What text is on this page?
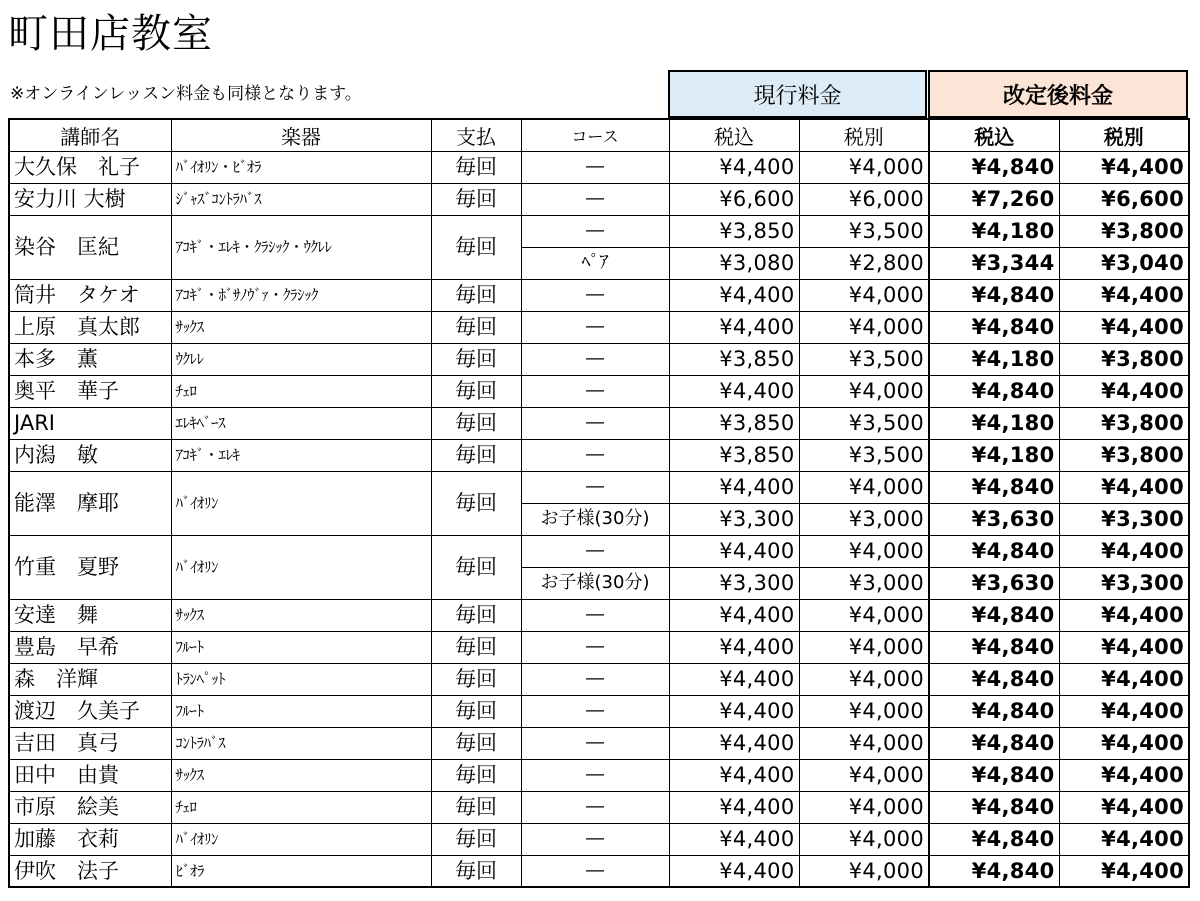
町田店教室
※オンラインレッスン料金も同様となります。	現行料金	改定後料金
講師名	楽器	支払	コース	税込	税別	税込	税別
大久保　礼子	ﾊﾞｲｵﾘﾝ・ﾋﾞｵﾗ	毎回	―	¥4,400	¥4,000	¥4,840	¥4,400
安力川 大樹	ｼﾞｬｽﾞｺﾝﾄﾗﾊﾞｽ	毎回	―	¥6,600	¥6,000	¥7,260	¥6,600
染谷　匡紀	ｱｺｷﾞ・ｴﾚｷ・ｸﾗｼｯｸ・ｳｸﾚﾚ	毎回	―	¥3,850	¥3,500	¥4,180	¥3,800
			ﾍﾟｱ	¥3,080	¥2,800	¥3,344	¥3,040
筒井　タケオ	ｱｺｷﾞ・ﾎﾞｻﾉｳﾞｧ・ｸﾗｼｯｸ	毎回	―	¥4,400	¥4,000	¥4,840	¥4,400
上原　真太郎	ｻｯｸｽ	毎回	―	¥4,400	¥4,000	¥4,840	¥4,400
本多　薫	ｳｸﾚﾚ	毎回	―	¥3,850	¥3,500	¥4,180	¥3,800
奥平　華子	ﾁｪﾛ	毎回	―	¥4,400	¥4,000	¥4,840	¥4,400
JARI	ｴﾚｷﾍﾞｰｽ	毎回	―	¥3,850	¥3,500	¥4,180	¥3,800
内潟　敏	ｱｺｷﾞ・ｴﾚｷ	毎回	―	¥3,850	¥3,500	¥4,180	¥3,800
能澤　摩耶	ﾊﾞｲｵﾘﾝ	毎回	―	¥4,400	¥4,000	¥4,840	¥4,400
			お子様(30分)	¥3,300	¥3,000	¥3,630	¥3,300
竹重　夏野	ﾊﾞｲｵﾘﾝ	毎回	―	¥4,400	¥4,000	¥4,840	¥4,400
			お子様(30分)	¥3,300	¥3,000	¥3,630	¥3,300
安達　舞	ｻｯｸｽ	毎回	―	¥4,400	¥4,000	¥4,840	¥4,400
豊島　早希	ﾌﾙｰﾄ	毎回	―	¥4,400	¥4,000	¥4,840	¥4,400
森　洋輝	ﾄﾗﾝﾍﾟｯﾄ	毎回	―	¥4,400	¥4,000	¥4,840	¥4,400
渡辺　久美子	ﾌﾙｰﾄ	毎回	―	¥4,400	¥4,000	¥4,840	¥4,400
吉田　真弓	ｺﾝﾄﾗﾊﾞｽ	毎回	―	¥4,400	¥4,000	¥4,840	¥4,400
田中　由貴	ｻｯｸｽ	毎回	―	¥4,400	¥4,000	¥4,840	¥4,400
市原　絵美	ﾁｪﾛ	毎回	―	¥4,400	¥4,000	¥4,840	¥4,400
加藤　衣莉	ﾊﾞｲｵﾘﾝ	毎回	―	¥4,400	¥4,000	¥4,840	¥4,400
伊吹　法子	ﾋﾞｵﾗ	毎回	―	¥4,400	¥4,000	¥4,840	¥4,400
